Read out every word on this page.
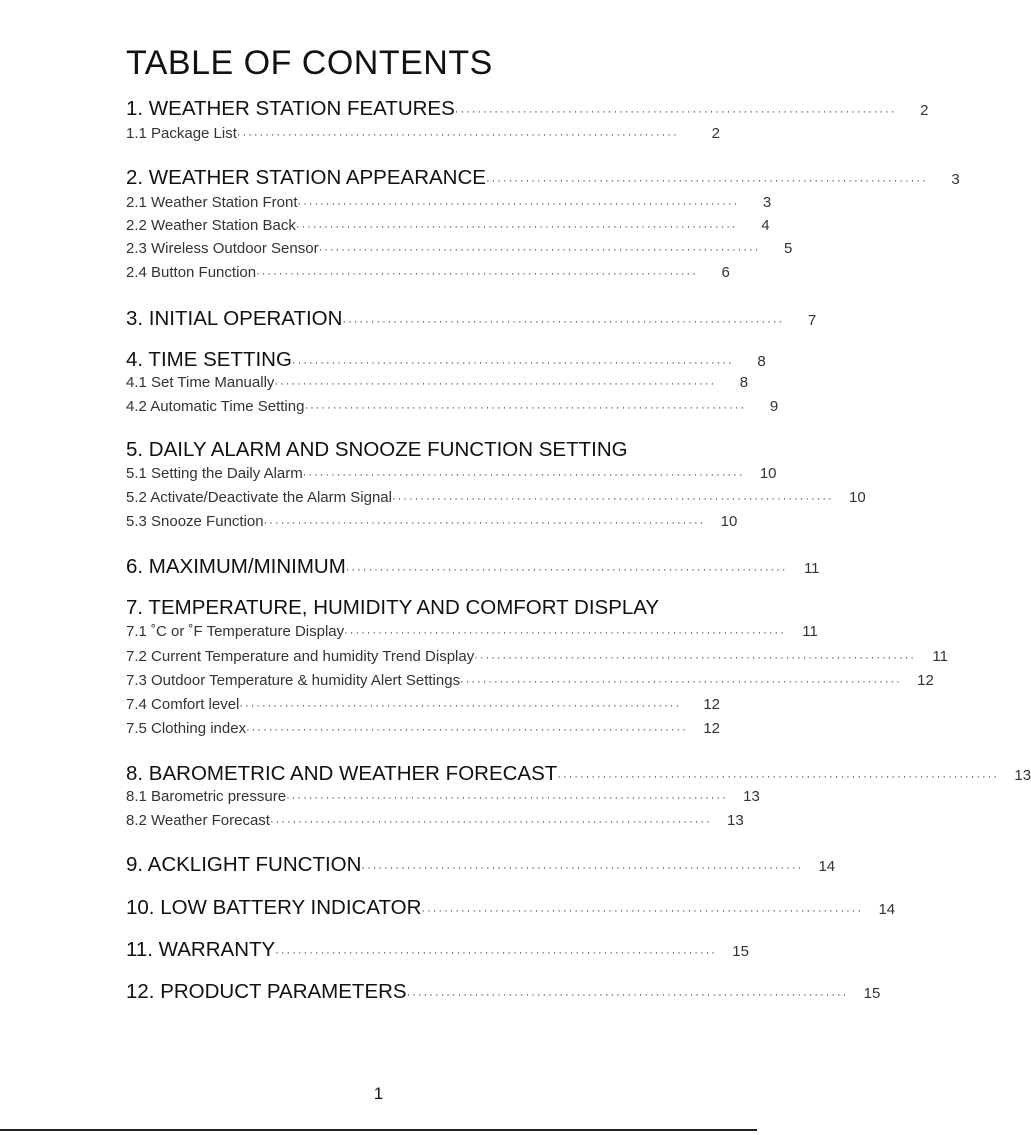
TABLE OF CONTENTS
1. WEATHER STATION FEATURES ··············································································	2
1.1 Package List ··············································································	2
2. WEATHER STATION APPEARANCE ··············································································	3
2.1 Weather Station Front ··············································································	3
2.2 Weather Station Back ··············································································	4
2.3 Wireless Outdoor Sensor ··············································································	5
2.4 Button Function ··············································································	6
3. INITIAL OPERATION ··············································································	7
4. TIME SETTING ··············································································	8
4.1 Set Time Manually ··············································································	8
4.2 Automatic Time Setting ··············································································	9
5. DAILY ALARM AND SNOOZE FUNCTION SETTING
5.1 Setting the Daily Alarm ··············································································	10
5.2 Activate/Deactivate the Alarm Signal ··············································································	10
5.3 Snooze Function ··············································································	10
6. MAXIMUM/MINIMUM ··············································································	11
7. TEMPERATURE, HUMIDITY AND COMFORT DISPLAY
7.1 ˚C or ˚F Temperature Display ··············································································	11
7.2 Current Temperature and humidity Trend Display ··············································································	11
7.3 Outdoor Temperature & humidity Alert Settings ··············································································	12
7.4 Comfort level ··············································································	12
7.5 Clothing index ··············································································	12
8. BAROMETRIC AND WEATHER FORECAST ··············································································	13
8.1 Barometric pressure ··············································································	13
8.2 Weather Forecast ··············································································	13
9. ACKLIGHT FUNCTION ··············································································	14
10. LOW BATTERY INDICATOR ··············································································	14
11. WARRANTY ··············································································	15
12. PRODUCT PARAMETERS ··············································································	15
1
